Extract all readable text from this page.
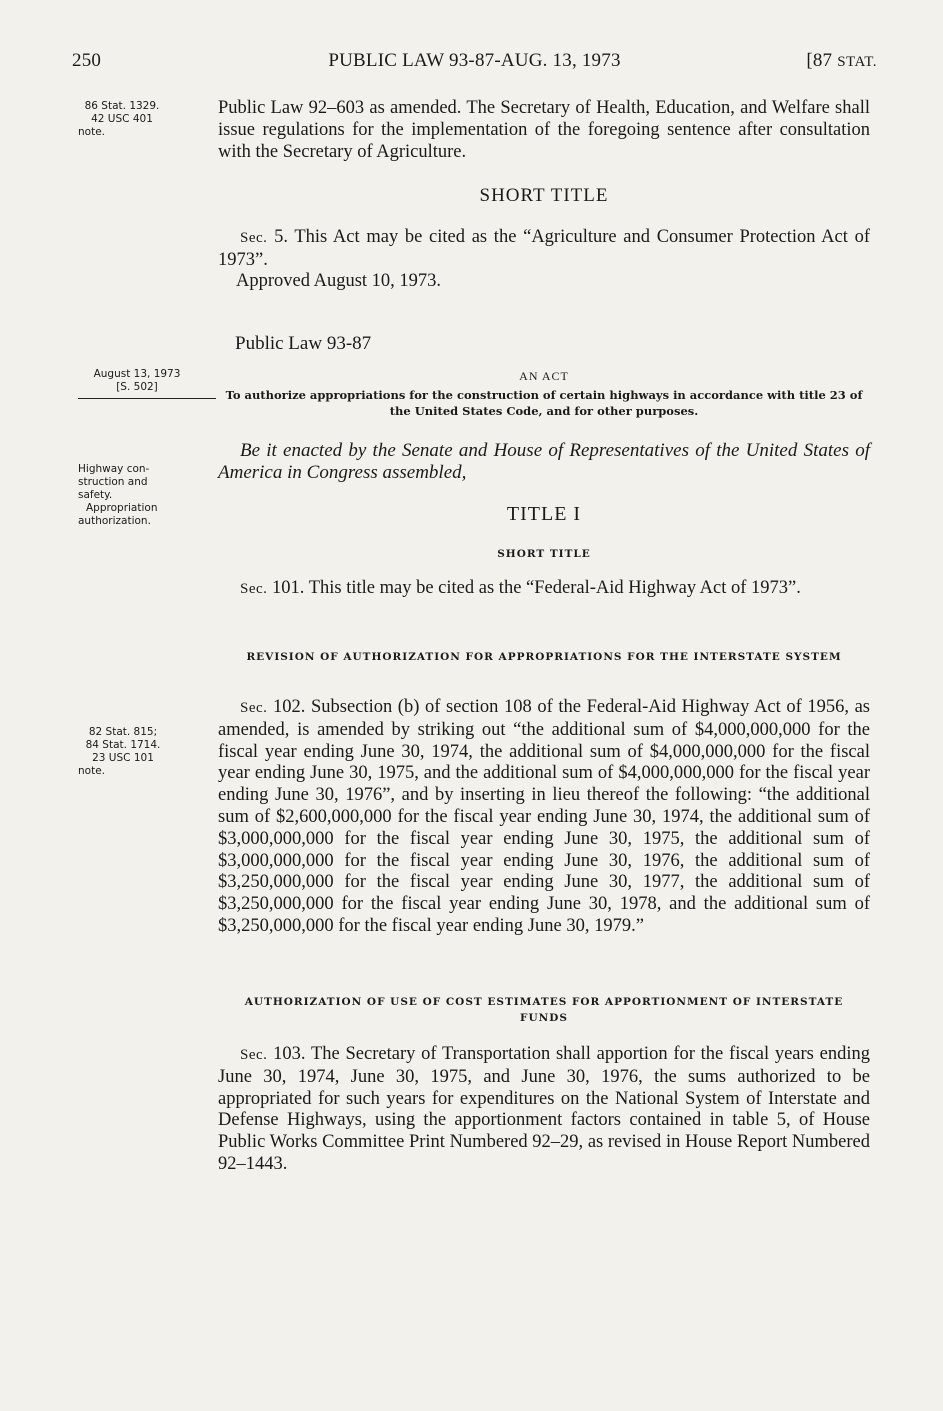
250	PUBLIC LAW 93-87-AUG. 13, 1973	[87 STAT.
86 Stat. 1329.
42 USC 401
note.
Public Law 92–603 as amended. The Secretary of Health, Education, and Welfare shall issue regulations for the implementation of the foregoing sentence after consultation with the Secretary of Agriculture.
SHORT TITLE
Sec. 5. This Act may be cited as the “Agriculture and Consumer Protection Act of 1973”.
Approved August 10, 1973.
Public Law 93-87
August 13, 1973
[S. 502]
AN ACT
To authorize appropriations for the construction of certain highways in accordance with title 23 of the United States Code, and for other purposes.
Be it enacted by the Senate and House of Representatives of the United States of America in Congress assembled,
Highway con-
struction and
safety.
Appropriation
authorization.	TITLE I
SHORT TITLE
Sec. 101. This title may be cited as the “Federal-Aid Highway Act of 1973”.
REVISION OF AUTHORIZATION FOR APPROPRIATIONS FOR THE INTERSTATE SYSTEM
82 Stat. 815;
84 Stat. 1714.
23 USC 101
note.
Sec. 102. Subsection (b) of section 108 of the Federal-Aid Highway Act of 1956, as amended, is amended by striking out “the additional sum of $4,000,000,000 for the fiscal year ending June 30, 1974, the additional sum of $4,000,000,000 for the fiscal year ending June 30, 1975, and the additional sum of $4,000,000,000 for the fiscal year ending June 30, 1976”, and by inserting in lieu thereof the following: “the additional sum of $2,600,000,000 for the fiscal year ending June 30, 1974, the additional sum of $3,000,000,000 for the fiscal year ending June 30, 1975, the additional sum of $3,000,000,000 for the fiscal year ending June 30, 1976, the additional sum of $3,250,000,000 for the fiscal year ending June 30, 1977, the additional sum of $3,250,000,000 for the fiscal year ending June 30, 1978, and the additional sum of $3,250,000,000 for the fiscal year ending June 30, 1979.”
AUTHORIZATION OF USE OF COST ESTIMATES FOR APPORTIONMENT OF INTERSTATE FUNDS
Sec. 103. The Secretary of Transportation shall apportion for the fiscal years ending June 30, 1974, June 30, 1975, and June 30, 1976, the sums authorized to be appropriated for such years for expenditures on the National System of Interstate and Defense Highways, using the apportionment factors contained in table 5, of House Public Works Committee Print Numbered 92–29, as revised in House Report Numbered 92–1443.
